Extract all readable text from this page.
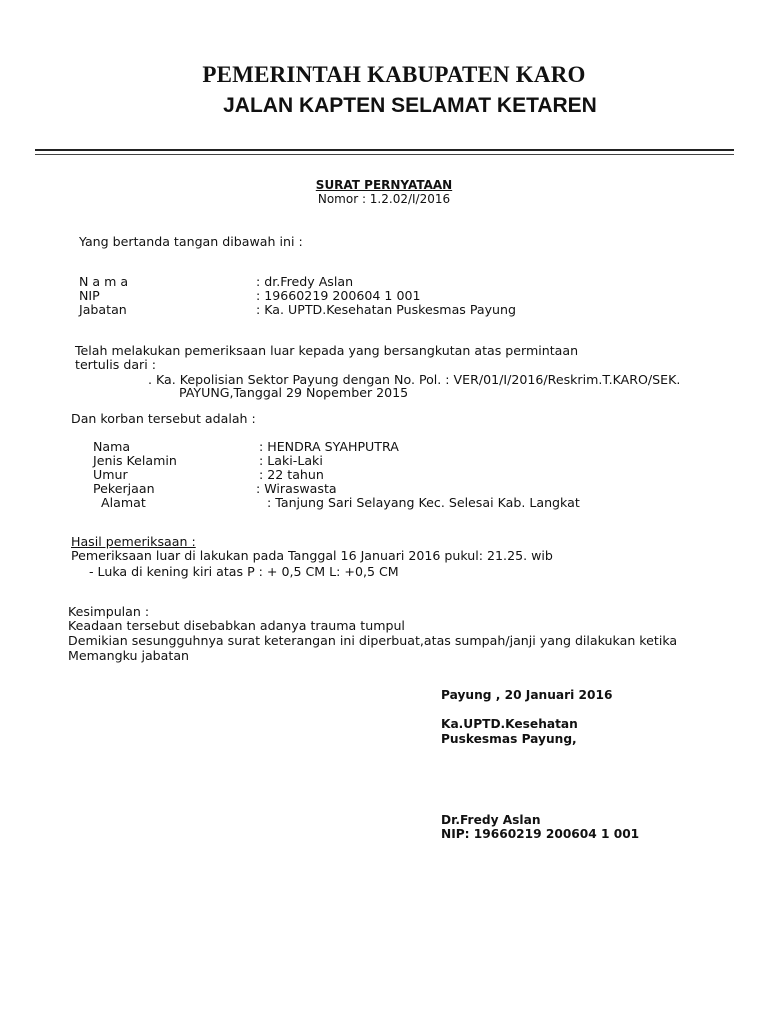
PEMERINTAH KABUPATEN KARO
JALAN KAPTEN SELAMAT KETAREN
SURAT PERNYATAAN
Nomor : 1.2.02/I/2016
Yang bertanda tangan dibawah ini :
N a m a	: dr.Fredy Aslan
NIP	: 19660219 200604 1 001
Jabatan	: Ka. UPTD.Kesehatan Puskesmas Payung
Telah melakukan pemeriksaan luar kepada yang bersangkutan atas permintaan
tertulis dari :
. Ka. Kepolisian Sektor Payung dengan No. Pol. : VER/01/I/2016/Reskrim.T.KARO/SEK.
PAYUNG,Tanggal 29 Nopember 2015
Dan korban tersebut adalah :
Nama	: HENDRA SYAHPUTRA
Jenis Kelamin	: Laki-Laki
Umur	: 22 tahun
Pekerjaan	: Wiraswasta
Alamat	: Tanjung Sari Selayang Kec. Selesai Kab. Langkat
Hasil pemeriksaan :
Pemeriksaan luar di lakukan pada Tanggal 16 Januari 2016 pukul: 21.25. wib
- Luka di kening kiri atas P : + 0,5 CM L: +0,5 CM
Kesimpulan :
Keadaan tersebut disebabkan adanya trauma tumpul
Demikian sesungguhnya surat keterangan ini diperbuat,atas sumpah/janji yang dilakukan ketika
Memangku jabatan
Payung , 20 Januari 2016
Ka.UPTD.Kesehatan
Puskesmas Payung,
Dr.Fredy Aslan
NIP: 19660219 200604 1 001
